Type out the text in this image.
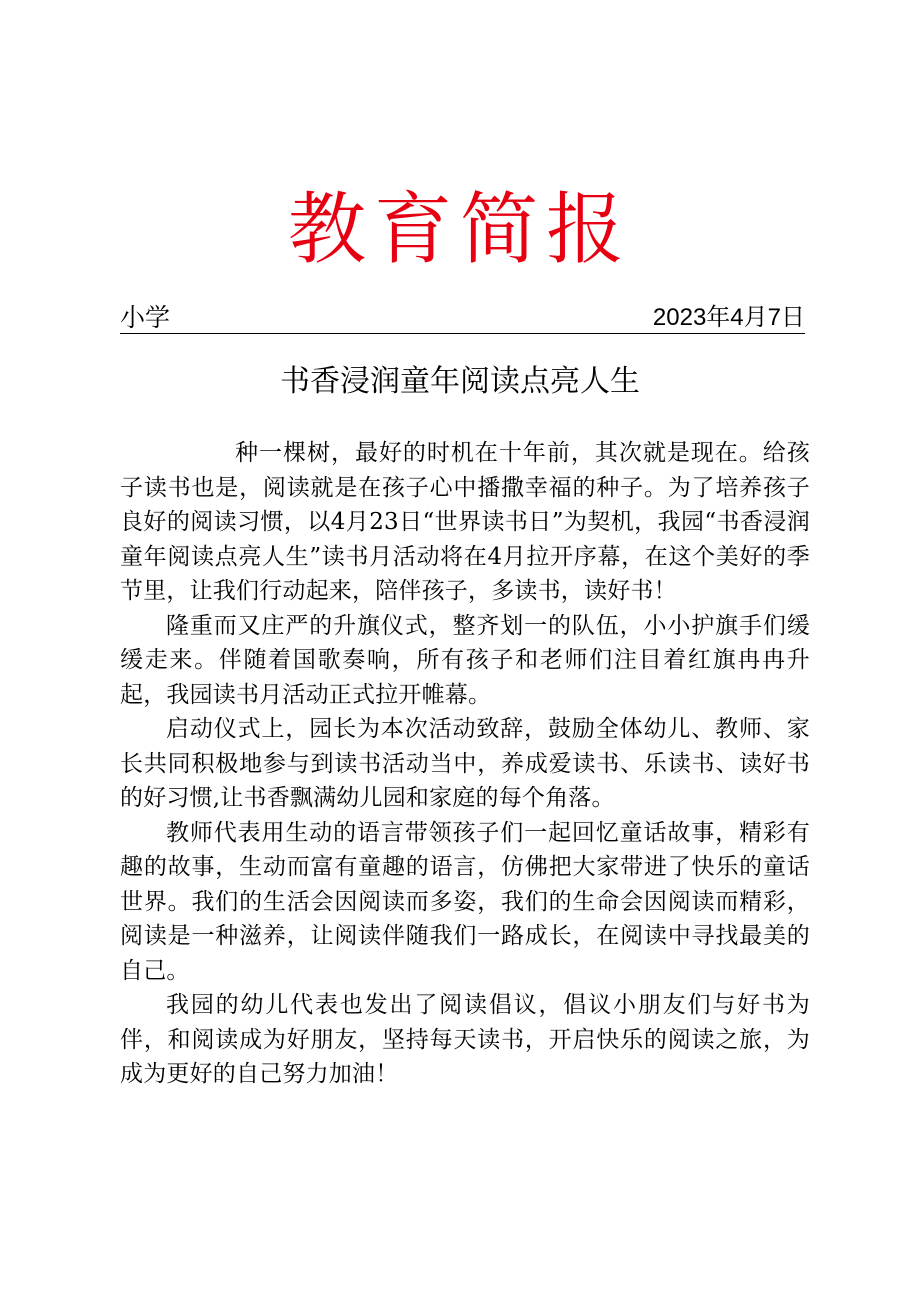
教育简报
小学	2023年4月7日
书香浸润童年阅读点亮人生

种一棵树，最好的时机在十年前，其次就是现在。给孩子读书也是，阅读就是在孩子心中播撒幸福的种子。为了培养孩子良好的阅读习惯，以4月23日“世界读书日”为契机，我园“书香浸润童年阅读点亮人生”读书月活动将在4月拉开序幕，在这个美好的季节里，让我们行动起来，陪伴孩子，多读书，读好书！

隆重而又庄严的升旗仪式，整齐划一的队伍，小小护旗手们缓缓走来。伴随着国歌奏响，所有孩子和老师们注目着红旗冉冉升起，我园读书月活动正式拉开帷幕。

启动仪式上，园长为本次活动致辞，鼓励全体幼儿、教师、家长共同积极地参与到读书活动当中，养成爱读书、乐读书、读好书的好习惯,让书香飘满幼儿园和家庭的每个角落。

教师代表用生动的语言带领孩子们一起回忆童话故事，精彩有趣的故事，生动而富有童趣的语言，仿佛把大家带进了快乐的童话世界。我们的生活会因阅读而多姿，我们的生命会因阅读而精彩，阅读是一种滋养，让阅读伴随我们一路成长，在阅读中寻找最美的自己。

我园的幼儿代表也发出了阅读倡议，倡议小朋友们与好书为伴，和阅读成为好朋友，坚持每天读书，开启快乐的阅读之旅，为成为更好的自己努力加油！
